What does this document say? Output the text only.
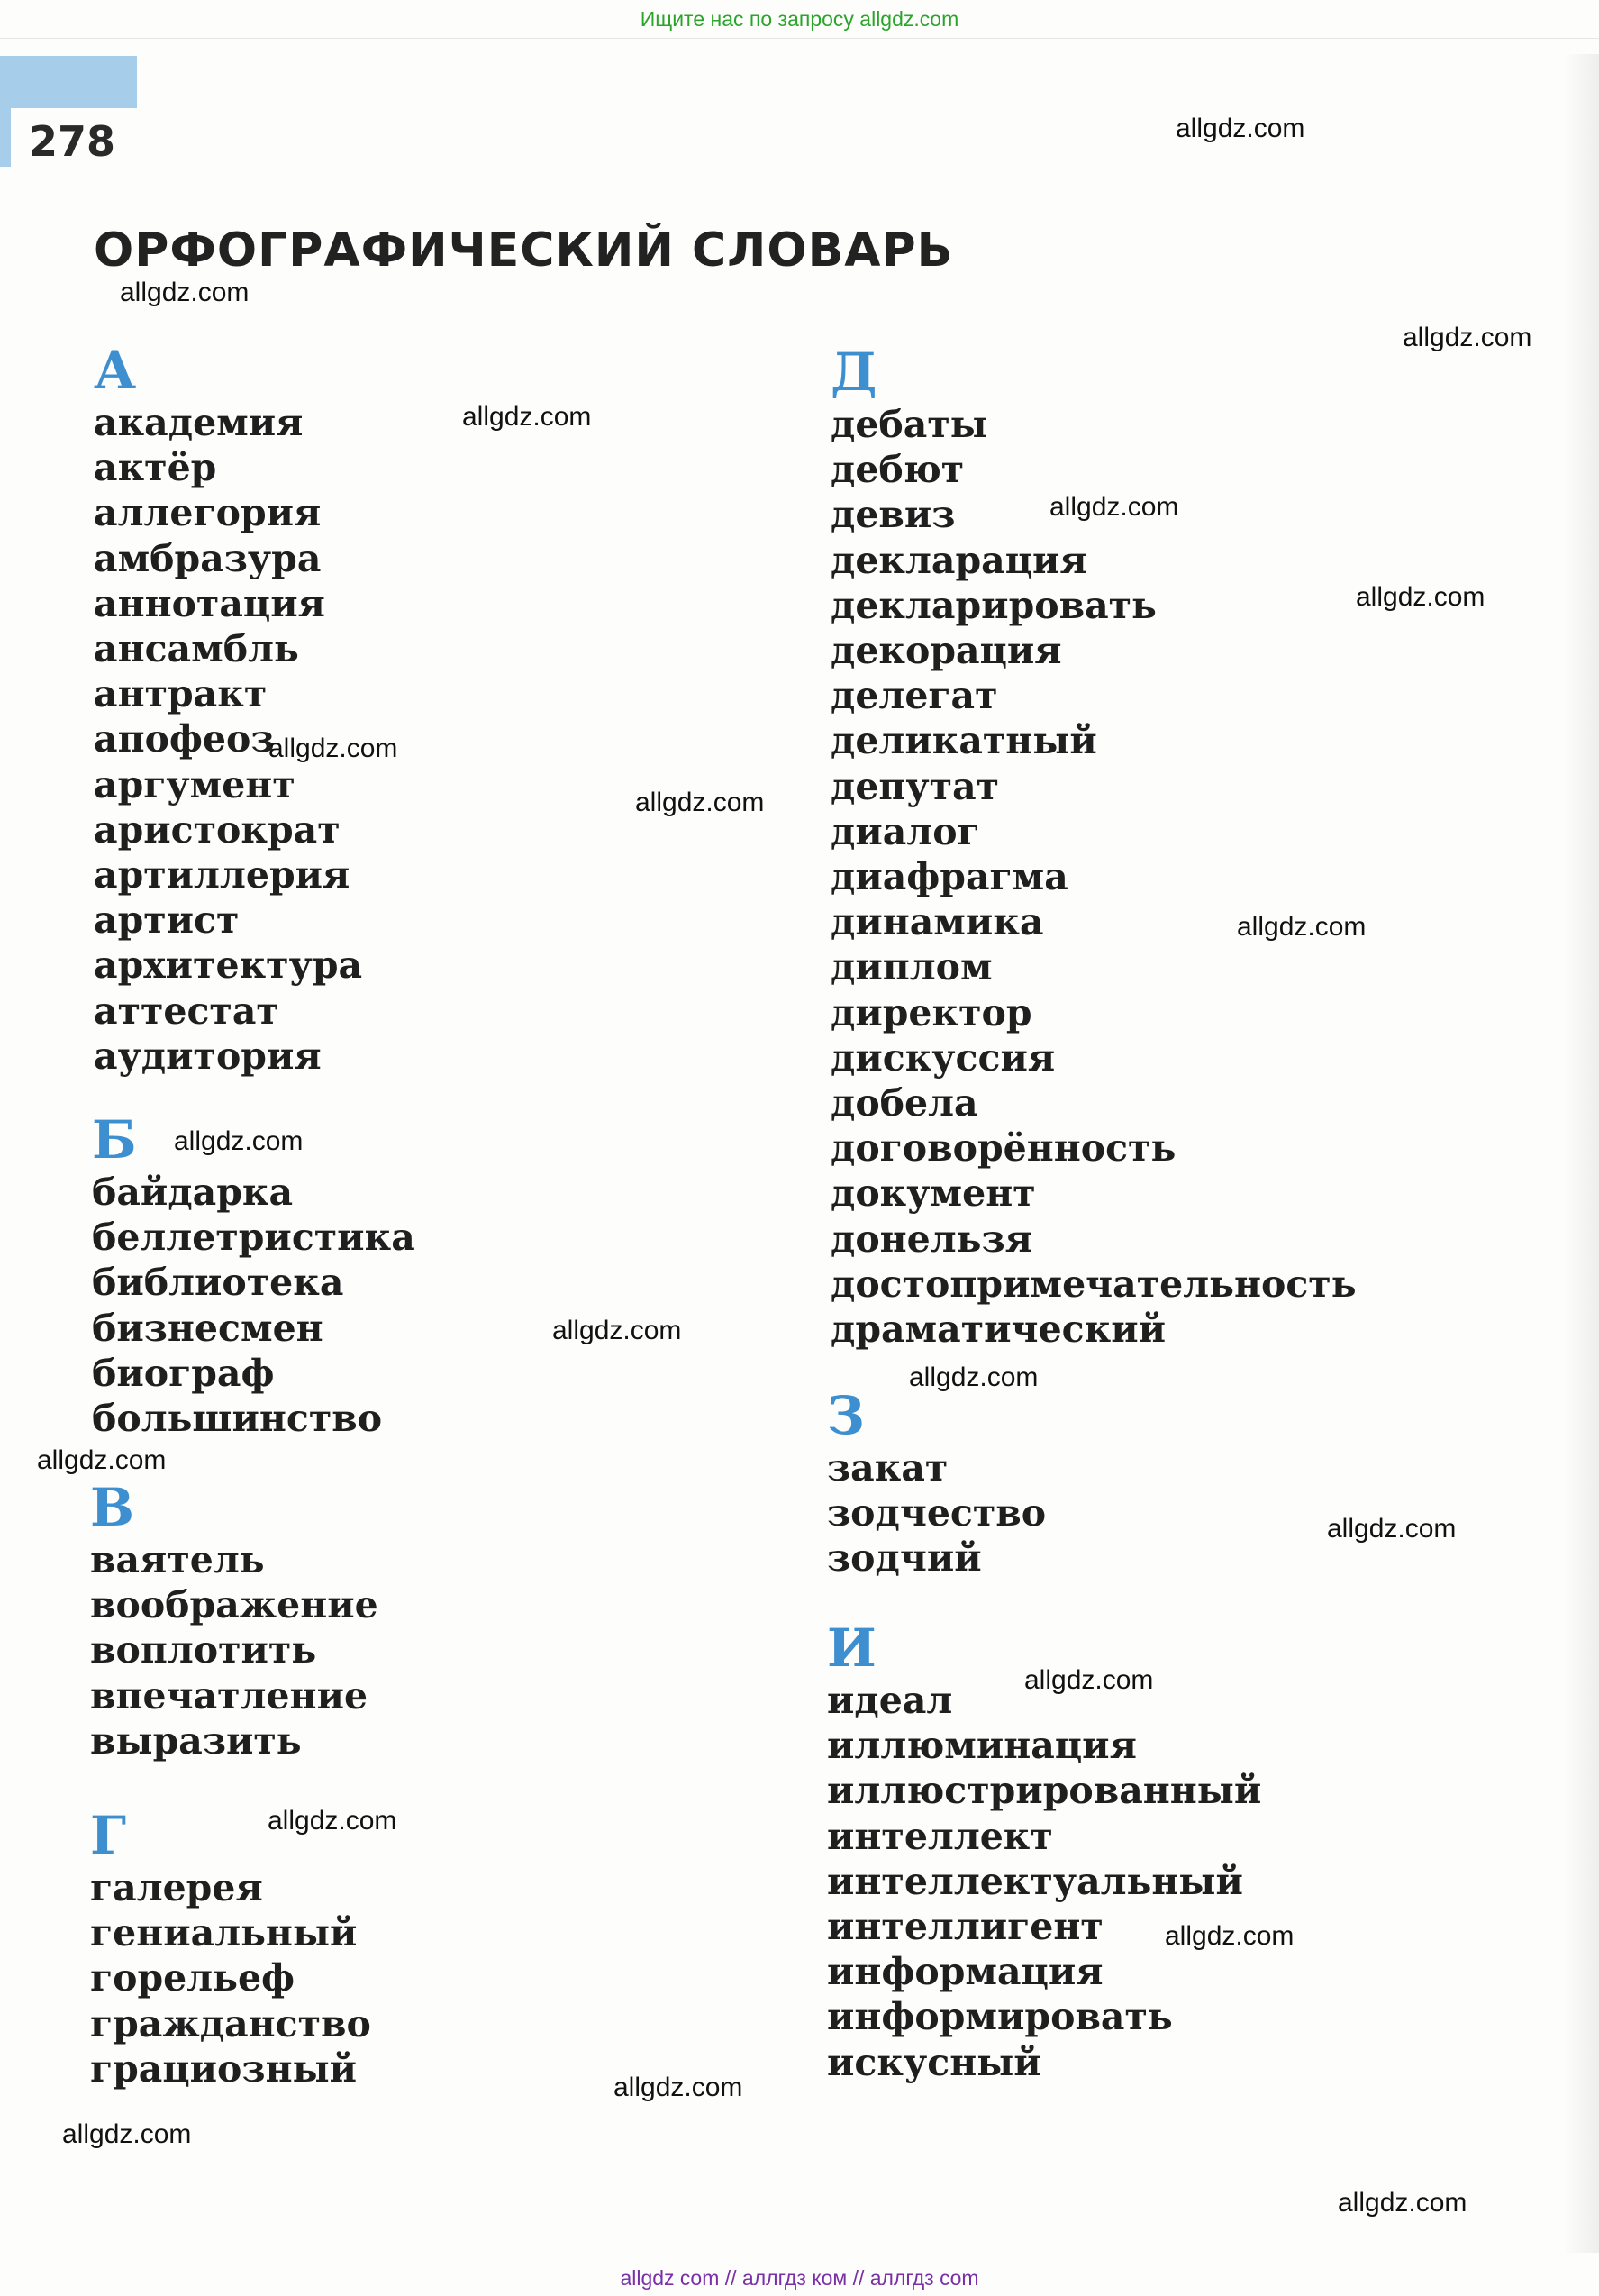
Ищите нас по запросу allgdz.com
278
ОРФОГРАФИЧЕСКИЙ СЛОВАРЬ
А
академия
актёр
аллегория
амбразура
аннотация
ансамбль
антракт
апофеоз
аргумент
аристократ
артиллерия
артист
архитектура
аттестат
аудитория
Б
байдарка
беллетристика
библиотека
бизнесмен
биограф
большинство
В
ваятель
воображение
воплотить
впечатление
выразить
Г
галерея
гениальный
горельеф
гражданство
грациозный
Д
дебаты
дебют
девиз
декларация
декларировать
декорация
делегат
деликатный
депутат
диалог
диафрагма
динамика
диплом
директор
дискуссия
добела
договорённость
документ
донельзя
достопримечательность
драматический
З
закат
зодчество
зодчий
И
идеал
иллюминация
иллюстрированный
интеллект
интеллектуальный
интеллигент
информация
информировать
искусный
allgdz.com
allgdz.com
allgdz.com
allgdz.com
allgdz.com
allgdz.com
allgdz.com
allgdz.com
allgdz.com
allgdz.com
allgdz.com
allgdz.com
allgdz.com
allgdz.com
allgdz.com
allgdz.com
allgdz.com
allgdz.com
allgdz.com
allgdz.com
allgdz com // аллгдз ком // аллгдз com
